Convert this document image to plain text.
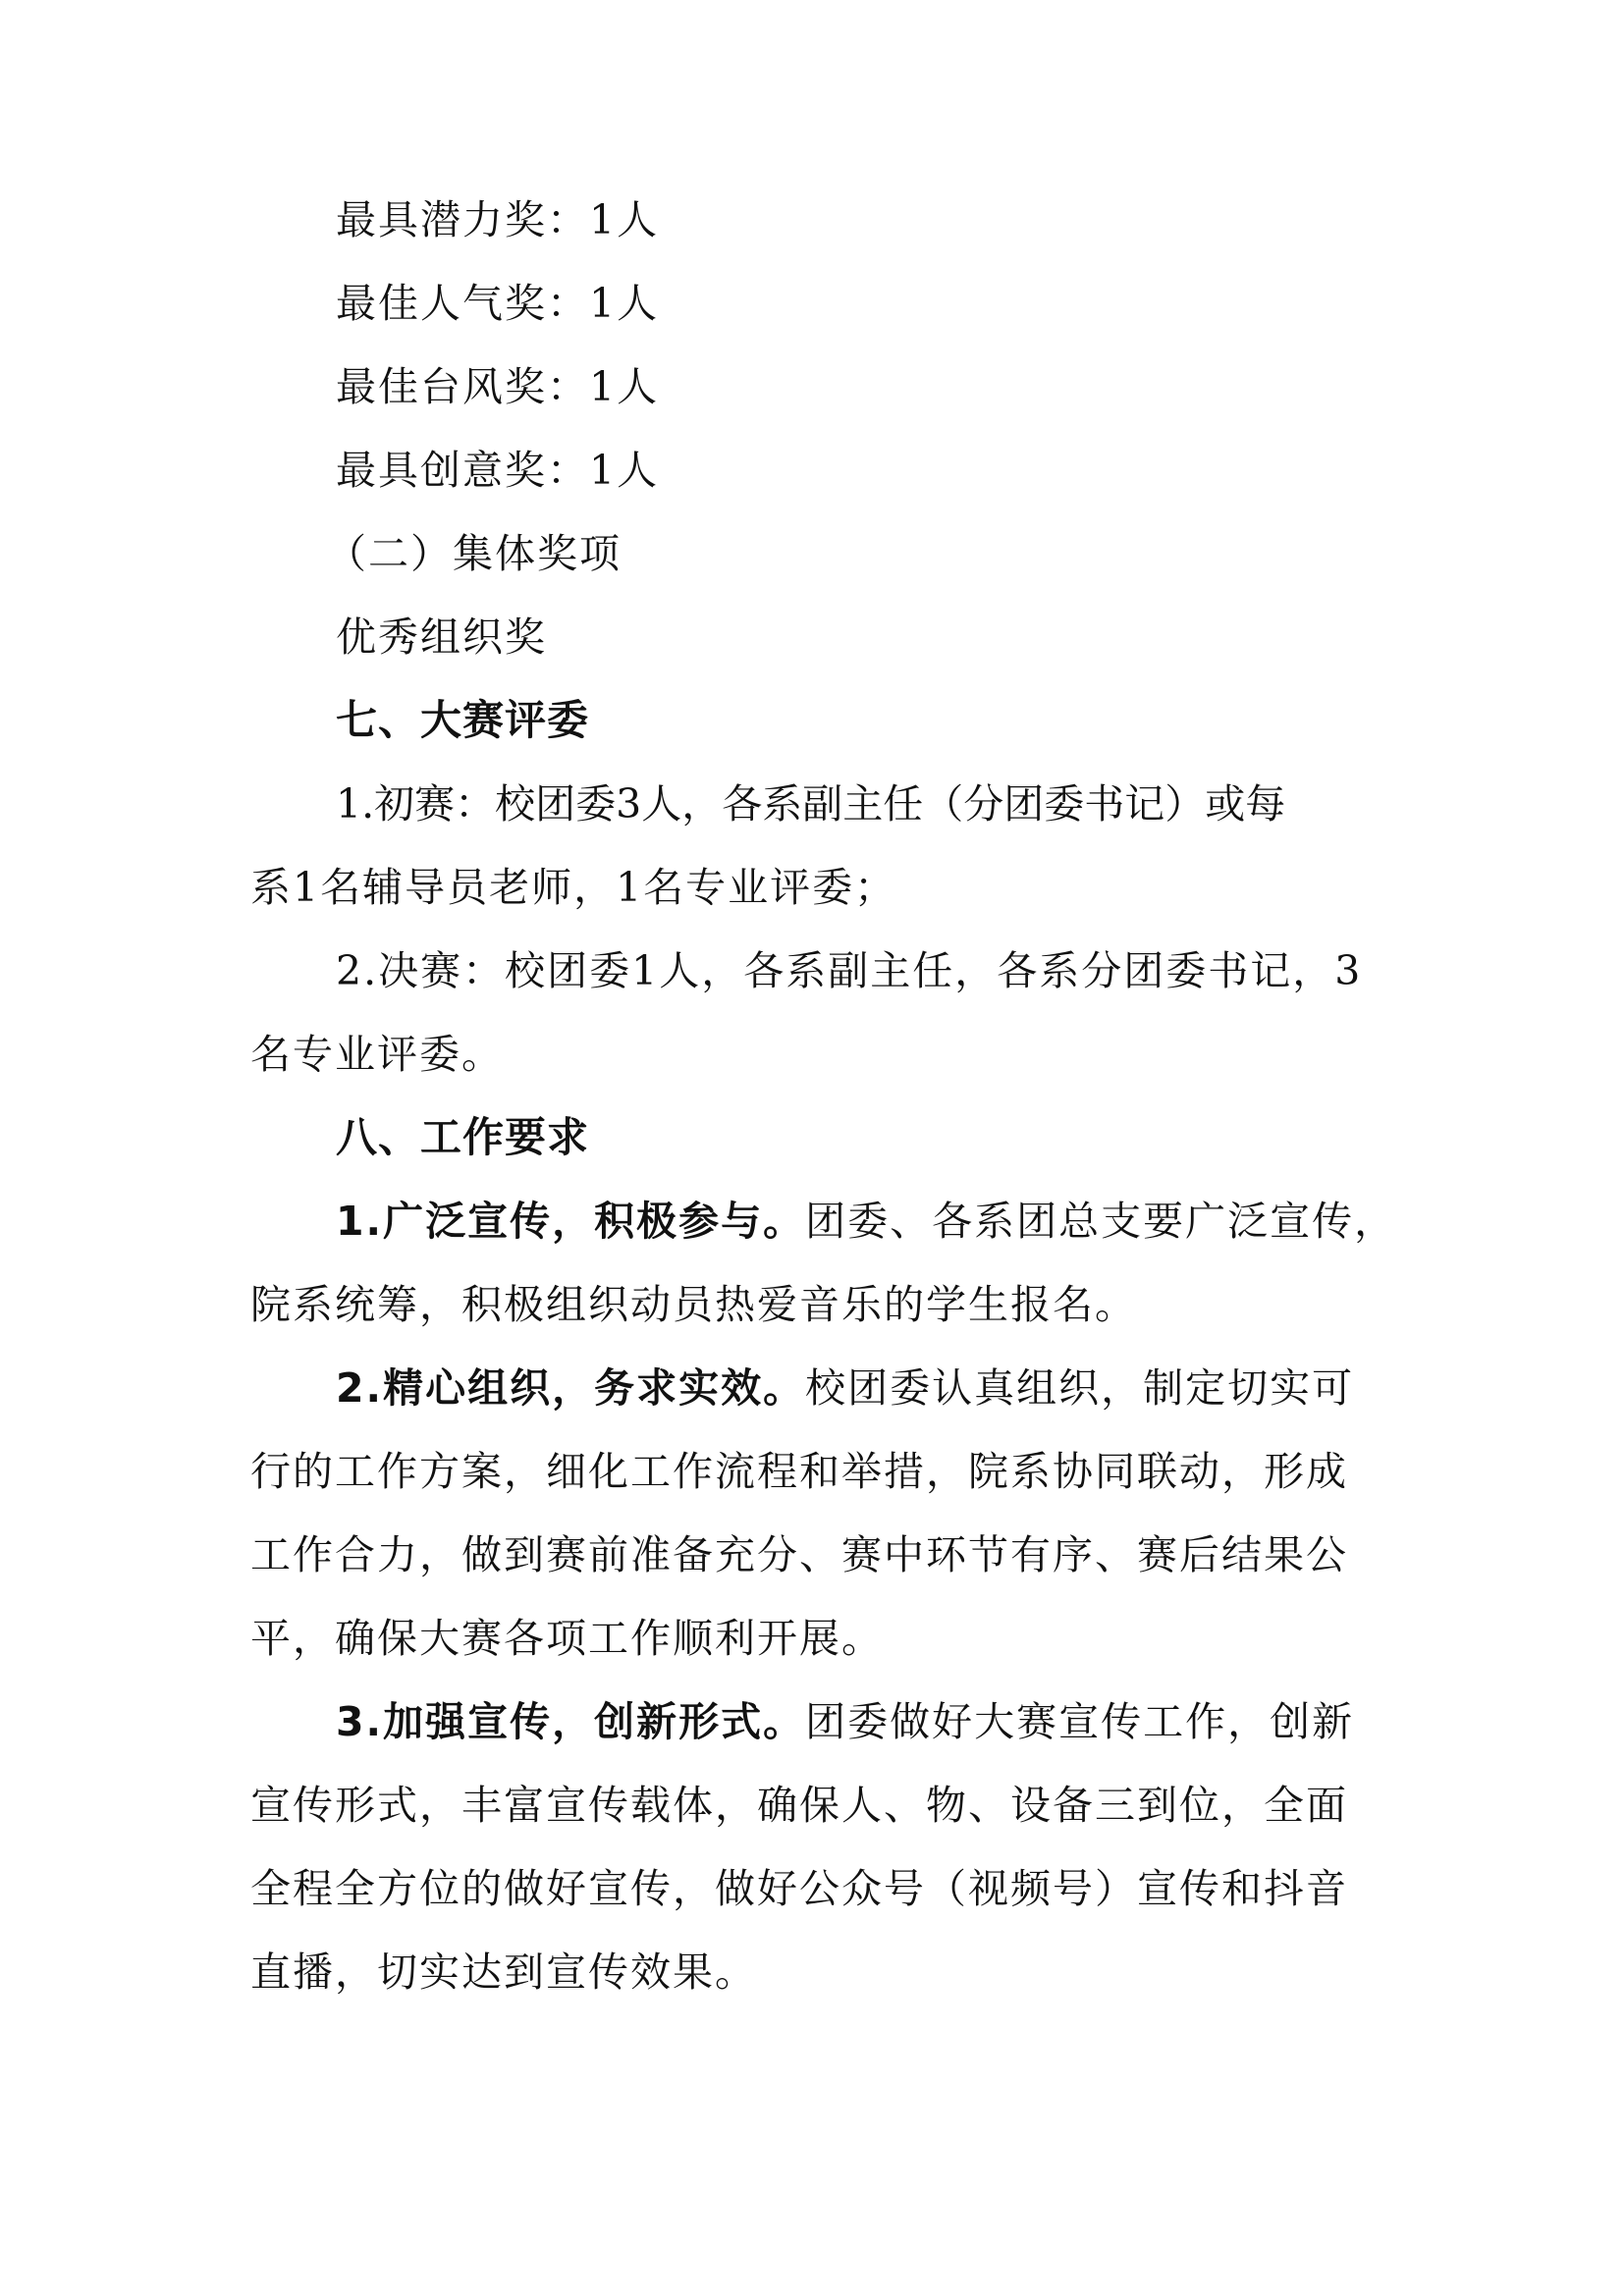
最具潜力奖：1人
最佳人气奖：1人
最佳台风奖：1人
最具创意奖：1人
（二）集体奖项
优秀组织奖
七、大赛评委
1.初赛：校团委3人，各系副主任（分团委书记）或每
系1名辅导员老师，1名专业评委；
2.决赛：校团委1人，各系副主任，各系分团委书记，3
名专业评委。
八、工作要求
1.广泛宣传，积极参与。团委、各系团总支要广泛宣传，
院系统筹，积极组织动员热爱音乐的学生报名。
2.精心组织，务求实效。校团委认真组织，制定切实可
行的工作方案，细化工作流程和举措，院系协同联动，形成
工作合力，做到赛前准备充分、赛中环节有序、赛后结果公
平，确保大赛各项工作顺利开展。
3.加强宣传，创新形式。团委做好大赛宣传工作，创新
宣传形式，丰富宣传载体，确保人、物、设备三到位，全面
全程全方位的做好宣传，做好公众号（视频号）宣传和抖音
直播，切实达到宣传效果。
